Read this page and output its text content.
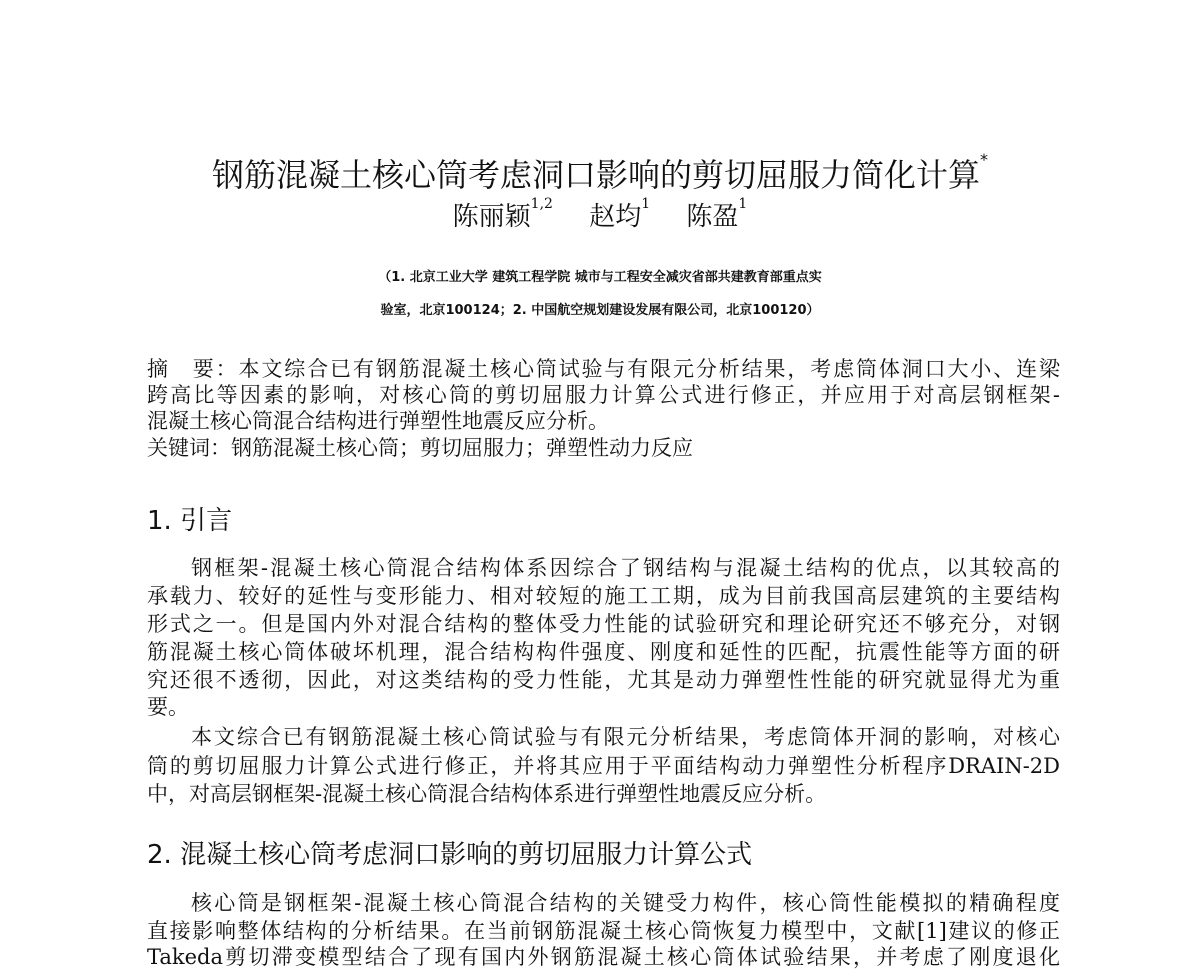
钢筋混凝土核心筒考虑洞口影响的剪切屈服力简化计算*
陈丽颖$^{1,2}$ 赵均$^1$ 陈盈$^1$
（1. 北京工业大学 建筑工程学院 城市与工程安全减灾省部共建教育部重点实
验室，北京100124；2. 中国航空规划建设发展有限公司，北京100120）
摘　要：本文综合已有钢筋混凝土核心筒试验与有限元分析结果，考虑筒体洞口大小、连梁
跨高比等因素的影响，对核心筒的剪切屈服力计算公式进行修正，并应用于对高层钢框架-
混凝土核心筒混合结构进行弹塑性地震反应分析。
关键词：钢筋混凝土核心筒；剪切屈服力；弹塑性动力反应
1. 引言
钢框架-混凝土核心筒混合结构体系因综合了钢结构与混凝土结构的优点，以其较高的
承载力、较好的延性与变形能力、相对较短的施工工期，成为目前我国高层建筑的主要结构
形式之一。但是国内外对混合结构的整体受力性能的试验研究和理论研究还不够充分，对钢
筋混凝土核心筒体破坏机理，混合结构构件强度、刚度和延性的匹配，抗震性能等方面的研
究还很不透彻，因此，对这类结构的受力性能，尤其是动力弹塑性性能的研究就显得尤为重
要。
本文综合已有钢筋混凝土核心筒试验与有限元分析结果，考虑筒体开洞的影响，对核心
筒的剪切屈服力计算公式进行修正，并将其应用于平面结构动力弹塑性分析程序DRAIN-2D
中，对高层钢框架-混凝土核心筒混合结构体系进行弹塑性地震反应分析。
2. 混凝土核心筒考虑洞口影响的剪切屈服力计算公式
核心筒是钢框架-混凝土核心筒混合结构的关键受力构件，核心筒性能模拟的精确程度
直接影响整体结构的分析结果。在当前钢筋混凝土核心筒恢复力模型中，文献[1]建议的修正
Takeda剪切滞变模型结合了现有国内外钢筋混凝土核心筒体试验结果，并考虑了刚度退化
